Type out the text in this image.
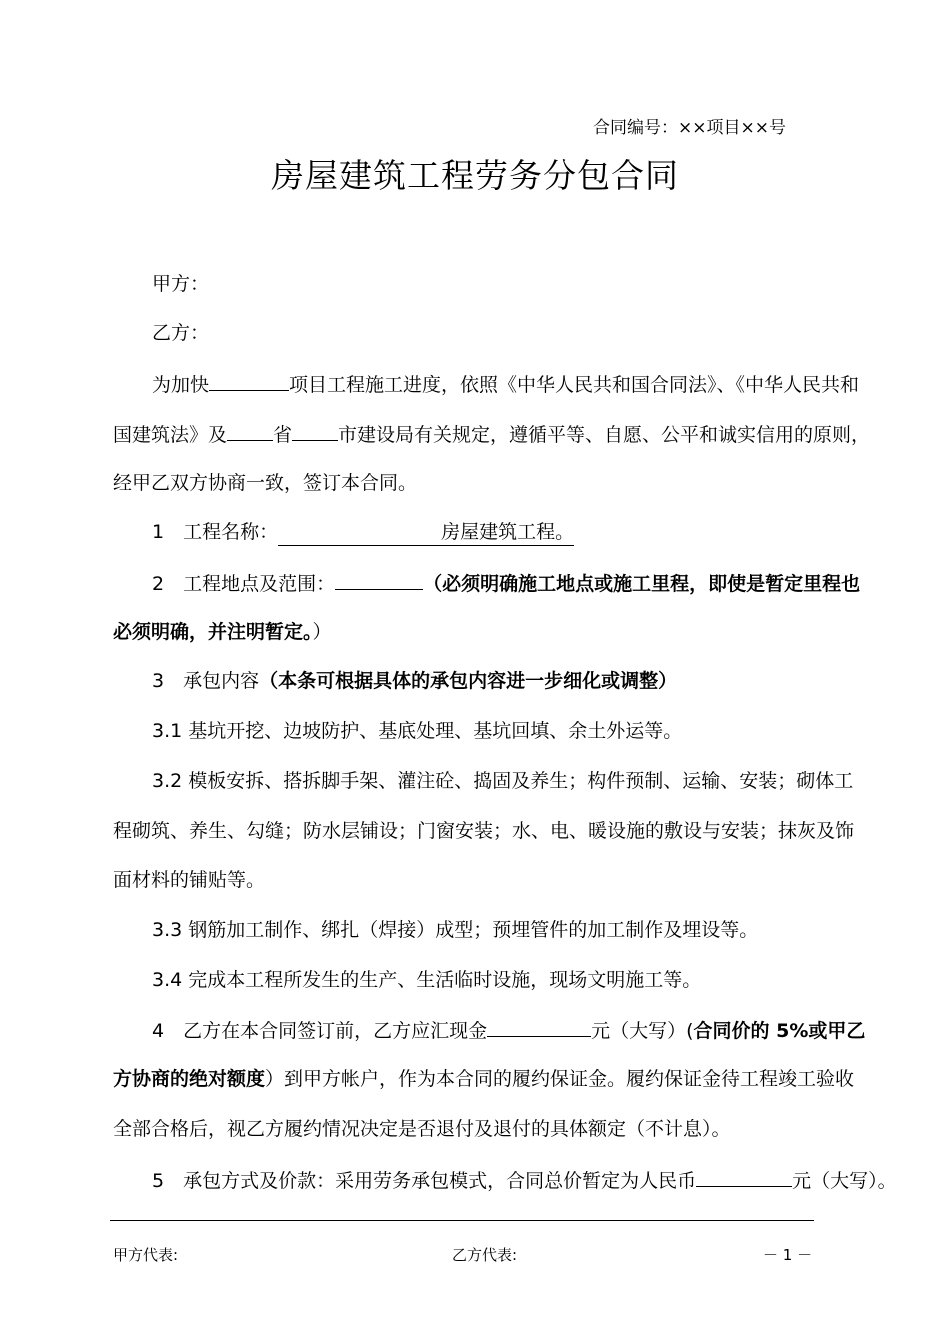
合同编号：××项目××号
房屋建筑工程劳务分包合同
甲方：
乙方：
为加快	项目工程施工进度，依照《中华人民共和国合同法》、《中华人民共和
国建筑法》及 省 市建设局有关规定，遵循平等、自愿、公平和诚实信用的原则，
经甲乙双方协商一致，签订本合同。
1　工程名称：	房屋建筑工程。
2　工程地点及范围：	（必须明确施工地点或施工里程，即使是暂定里程也
必须明确，并注明暂定。）
3　承包内容（本条可根据具体的承包内容进一步细化或调整）
3.1 基坑开挖、边坡防护、基底处理、基坑回填、余土外运等。
3.2 模板安拆、搭拆脚手架、灌注砼、捣固及养生；构件预制、运输、安装；砌体工
程砌筑、养生、勾缝；防水层铺设；门窗安装；水、电、暖设施的敷设与安装；抹灰及饰
面材料的铺贴等。
3.3 钢筋加工制作、绑扎（焊接）成型；预埋管件的加工制作及埋设等。
3.4 完成本工程所发生的生产、生活临时设施，现场文明施工等。
4　乙方在本合同签订前，乙方应汇现金	元（大写）(合同价的 5%或甲乙
方协商的绝对额度）到甲方帐户，作为本合同的履约保证金。履约保证金待工程竣工验收
全部合格后，视乙方履约情况决定是否退付及退付的具体额定（不计息）。
5　承包方式及价款：采用劳务承包模式，合同总价暂定为人民币	元（大写）。
甲方代表:	乙方代表:	－ 1 －
